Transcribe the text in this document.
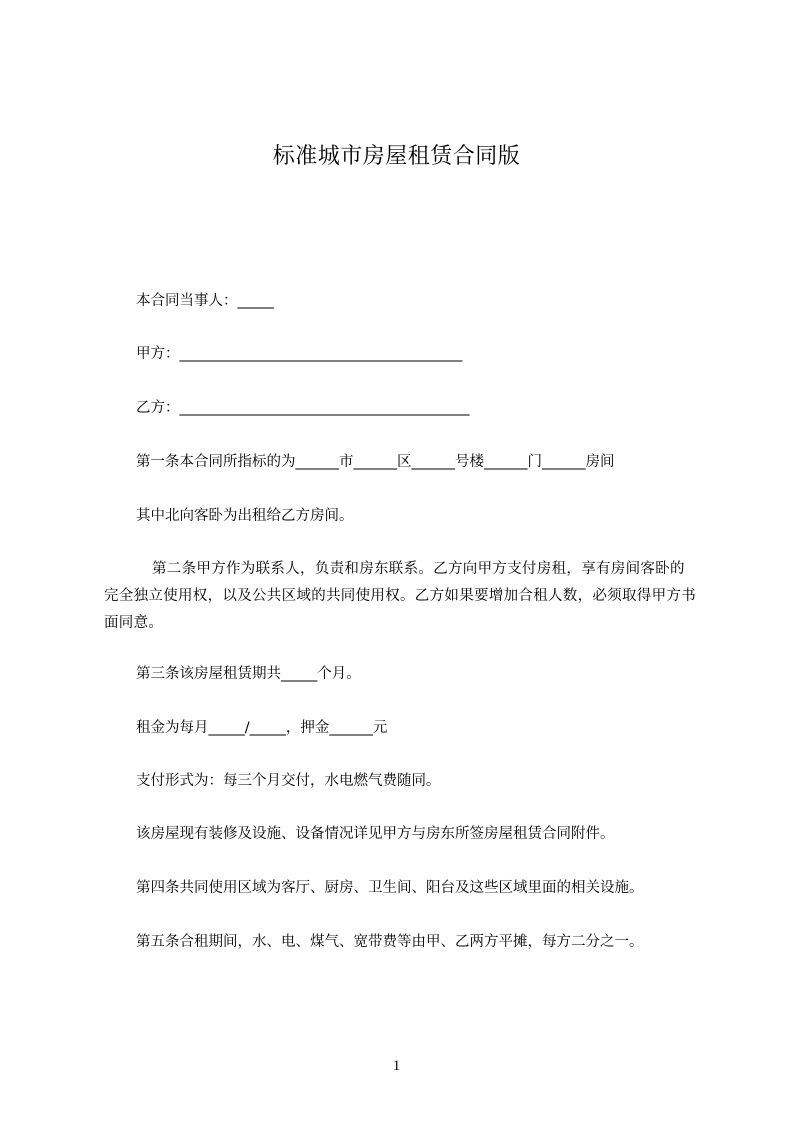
标准城市房屋租赁合同版
本合同当事人：_____
甲方：_______________________________________
乙方：________________________________________
第一条本合同所指标的为______市______区______号楼______门______房间
其中北向客卧为出租给乙方房间。
第二条甲方作为联系人，负责和房东联系。乙方向甲方支付房租，享有房间客卧的完全独立使用权，以及公共区域的共同使用权。乙方如果要增加合租人数，必须取得甲方书面同意。
第三条该房屋租赁期共_____个月。
租金为每月_____/_____，押金______元
支付形式为：每三个月交付，水电燃气费随同。
该房屋现有装修及设施、设备情况详见甲方与房东所签房屋租赁合同附件。
第四条共同使用区域为客厅、厨房、卫生间、阳台及这些区域里面的相关设施。
第五条合租期间，水、电、煤气、宽带费等由甲、乙两方平摊，每方二分之一。
1
